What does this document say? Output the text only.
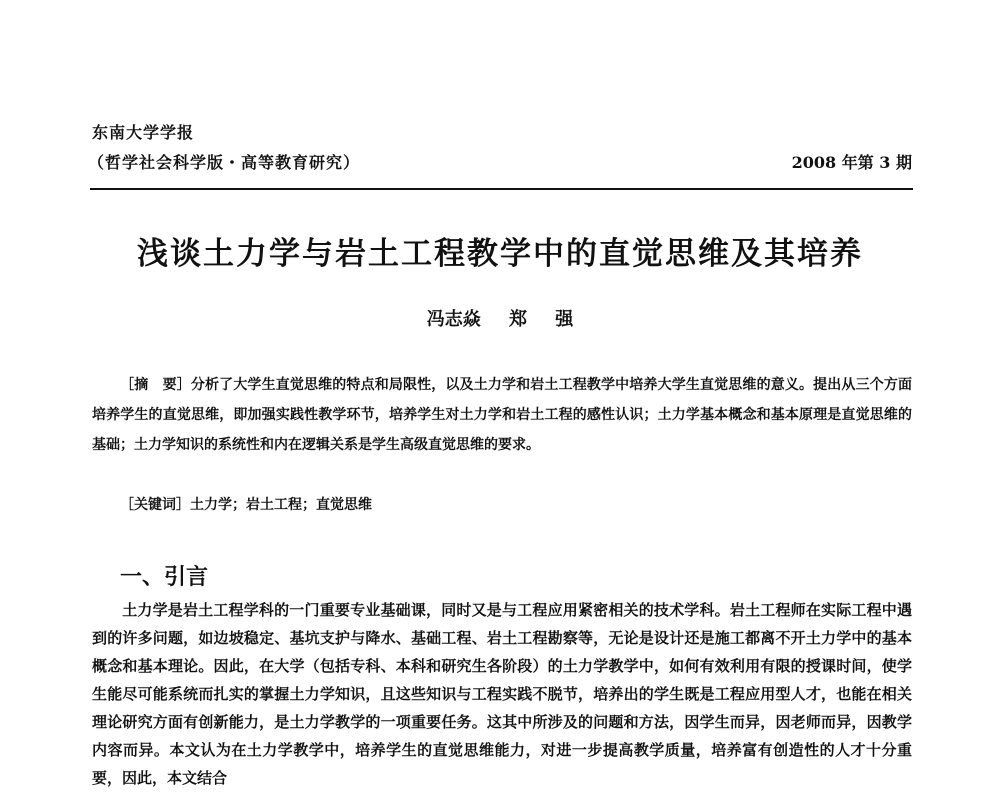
东南大学学报
（哲学社会科学版・高等教育研究）	2008 年第 3 期
浅谈土力学与岩土工程教学中的直觉思维及其培养
冯志焱 郑 强
［摘　要］分析了大学生直觉思维的特点和局限性，以及土力学和岩土工程教学中培养大学生直觉思维的意义。提出从三个方面培养学生的直觉思维，即加强实践性教学环节，培养学生对土力学和岩土工程的感性认识；土力学基本概念和基本原理是直觉思维的基础；土力学知识的系统性和内在逻辑关系是学生高级直觉思维的要求。
［关键词］土力学；岩土工程；直觉思维
一、引言
土力学是岩土工程学科的一门重要专业基础课，同时又是与工程应用紧密相关的技术学科。岩土工程师在实际工程中遇到的许多问题，如边坡稳定、基坑支护与降水、基础工程、岩土工程勘察等，无论是设计还是施工都离不开土力学中的基本概念和基本理论。因此，在大学（包括专科、本科和研究生各阶段）的土力学教学中，如何有效利用有限的授课时间，使学生能尽可能系统而扎实的掌握土力学知识，且这些知识与工程实践不脱节，培养出的学生既是工程应用型人才，也能在相关理论研究方面有创新能力，是土力学教学的一项重要任务。这其中所涉及的问题和方法，因学生而异，因老师而异，因教学内容而异。本文认为在土力学教学中，培养学生的直觉思维能力，对进一步提高教学质量，培养富有创造性的人才十分重要，因此，本文结合
